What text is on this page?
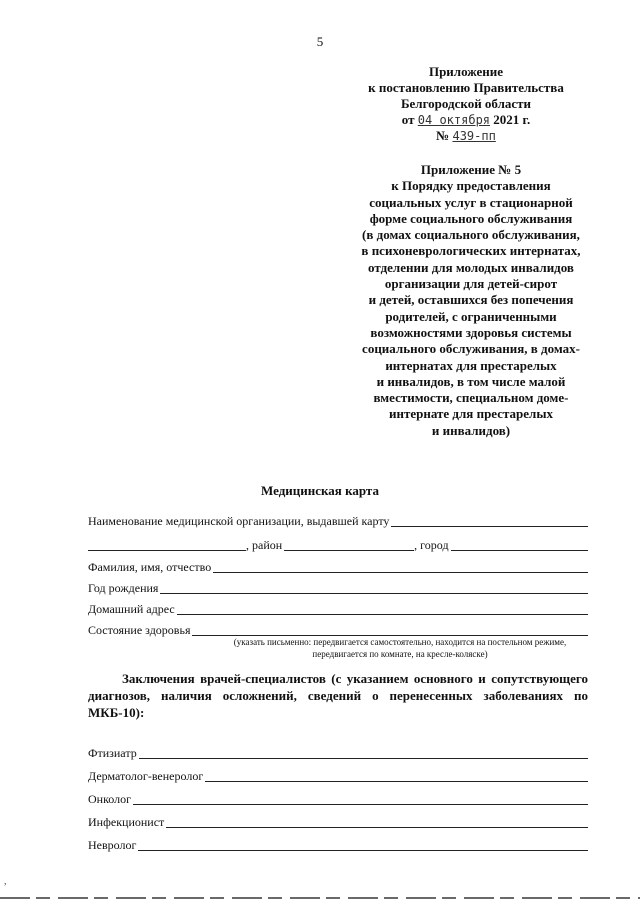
5
Приложение
к постановлению Правительства
Белгородской области
от 04 октября 2021 г.
№ 439-пп
Приложение № 5
к Порядку предоставления
социальных услуг в стационарной
форме социального обслуживания
(в домах социального обслуживания,
в психоневрологических интернатах,
отделении для молодых инвалидов
организации для детей-сирот
и детей, оставшихся без попечения
родителей, с ограниченными
возможностями здоровья системы
социального обслуживания, в домах-
интернатах для престарелых
и инвалидов, в том числе малой
вместимости, специальном доме-
интернате для престарелых
и инвалидов)
Медицинская карта
Наименование медицинской организации, выдавшей карту
, район	, город
Фамилия, имя, отчество
Год рождения
Домашний адрес
Состояние здоровья
(указать письменно: передвигается самостоятельно, находится на постельном режиме,
передвигается по комнате, на кресле-коляске)
Заключения врачей-специалистов (с указанием основного и сопутствующего диагнозов, наличия осложнений, сведений о перенесенных заболеваниях по МКБ-10):
Фтизиатр
Дерматолог-венеролог
Онколог
Инфекционист
Невролог
,
